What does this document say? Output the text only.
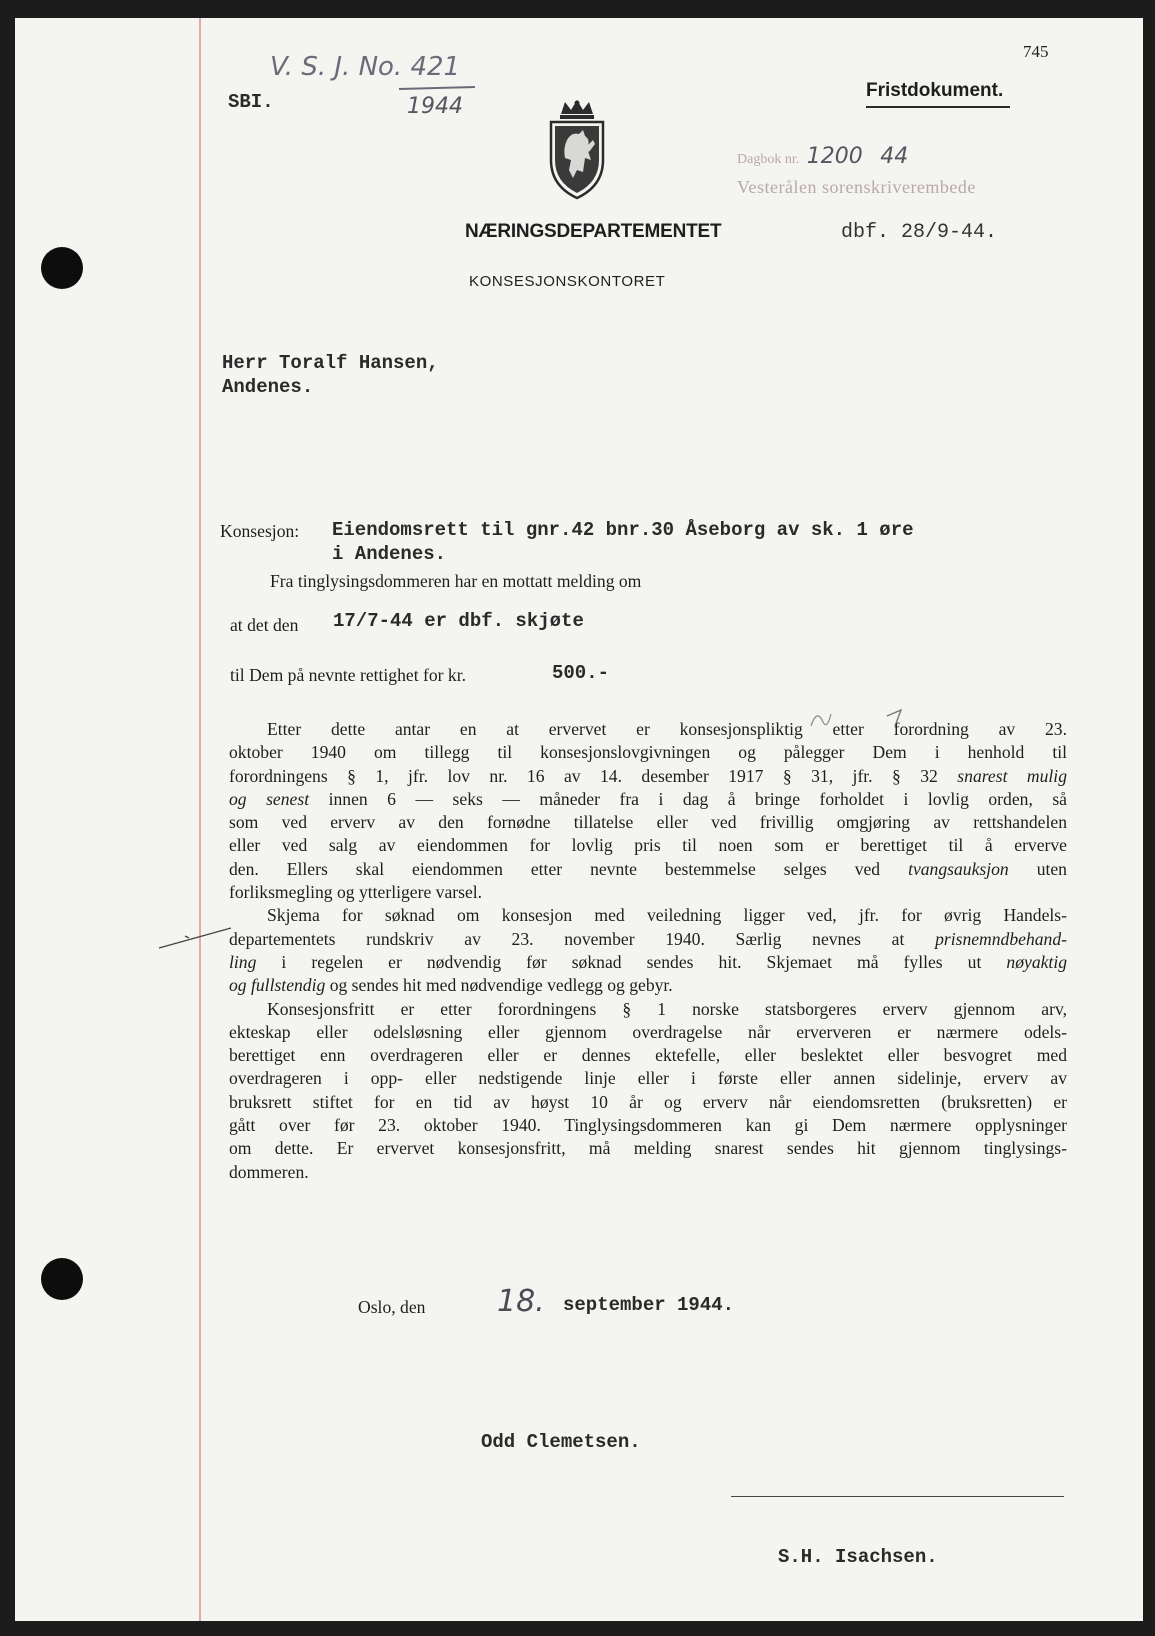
745
V. S. J. No. 421
SBI.	1944
Fristdokument.
Dagbok nr. 1200 44
Vesterålen sorenskriverembede
NÆRINGSDEPARTEMENTET
KONSESJONSKONTORET
dbf. 28/9-44.
Herr Toralf Hansen,
Andenes.
Konsesjon: Eiendomsrett til gnr.42 bnr.30 Åseborg av sk. 1 øre
i Andenes.
Fra tinglysingsdommeren har en mottatt melding om
at det den 17/7-44 er dbf. skjøte
til Dem på nevnte rettighet for kr.	500.-
Etter dette antar en at ervervet er konsesjonspliktig etter forordning av 23.
oktober 1940 om tillegg til konsesjonslovgivningen og pålegger Dem i henhold til
forordningens § 1, jfr. lov nr. 16 av 14. desember 1917 § 31, jfr. § 32 snarest mulig
og senest innen 6 — seks — måneder fra i dag å bringe forholdet i lovlig orden, så
som ved erverv av den fornødne tillatelse eller ved frivillig omgjøring av rettshandelen
eller ved salg av eiendommen for lovlig pris til noen som er berettiget til å erverve
den. Ellers skal eiendommen etter nevnte bestemmelse selges ved tvangsauksjon uten
forliksmegling og ytterligere varsel.
Skjema for søknad om konsesjon med veiledning ligger ved, jfr. for øvrig Handels-
departementets rundskriv av 23. november 1940. Særlig nevnes at prisnemndbehand-
ling i regelen er nødvendig før søknad sendes hit. Skjemaet må fylles ut nøyaktig
og fullstendig og sendes hit med nødvendige vedlegg og gebyr.
Konsesjonsfritt er etter forordningens § 1 norske statsborgeres erverv gjennom arv,
ekteskap eller odelsløsning eller gjennom overdragelse når erververen er nærmere odels-
berettiget enn overdrageren eller er dennes ektefelle, eller beslektet eller besvogret med
overdrageren i opp- eller nedstigende linje eller i første eller annen sidelinje, erverv av
bruksrett stiftet for en tid av høyst 10 år og erverv når eiendomsretten (bruksretten) er
gått over før 23. oktober 1940. Tinglysingsdommeren kan gi Dem nærmere opplysninger
om dette. Er ervervet konsesjonsfritt, må melding snarest sendes hit gjennom tinglysings-
dommeren.
Oslo, den 18. september 1944.
Odd Clemetsen.
S.H. Isachsen.
